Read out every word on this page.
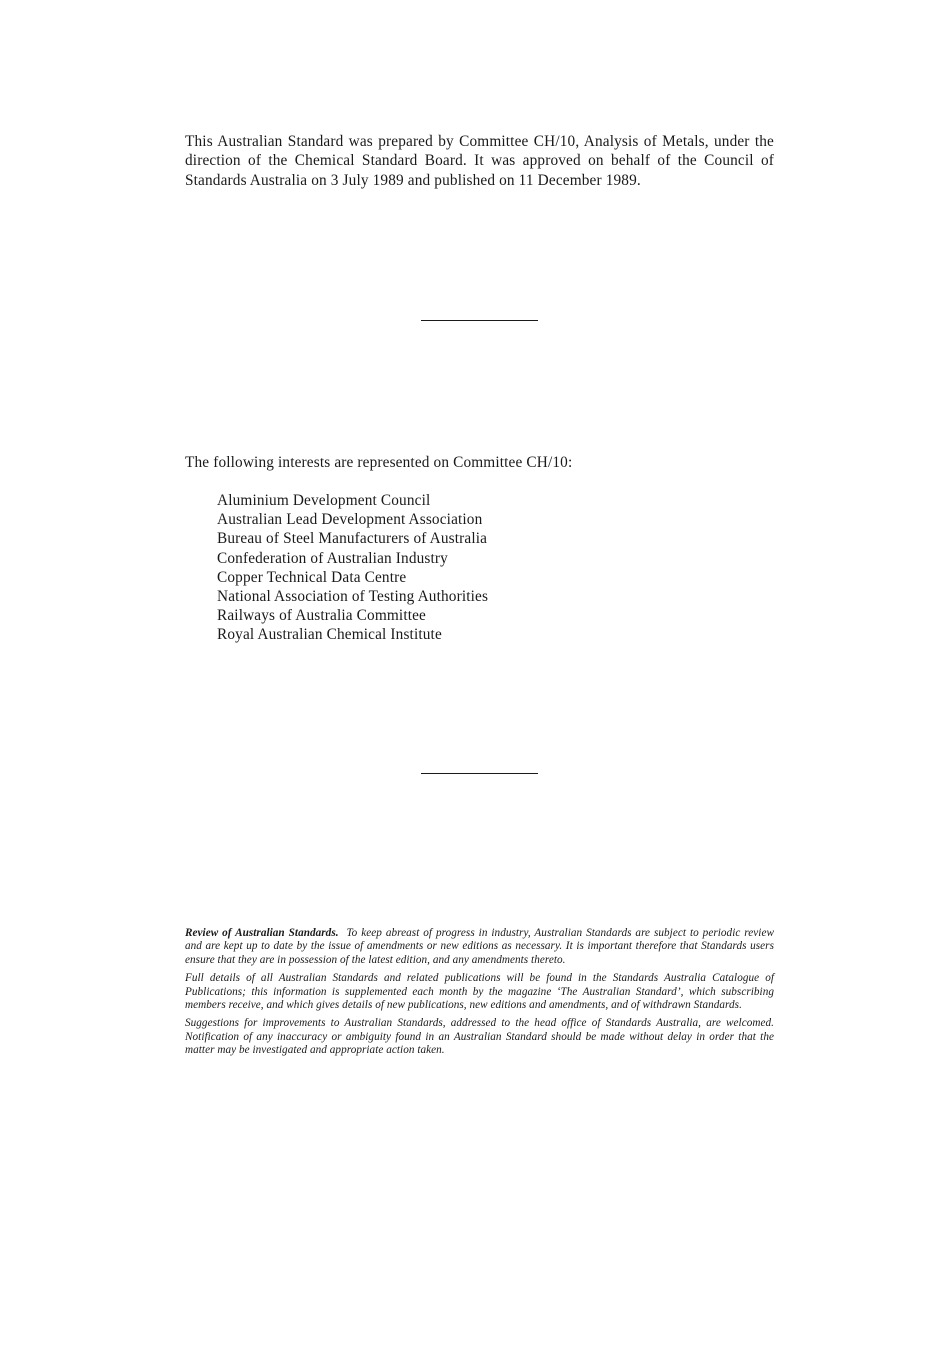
This Australian Standard was prepared by Committee CH/10, Analysis of Metals, under the direction of the Chemical Standard Board. It was approved on behalf of the Council of Standards Australia on 3 July 1989 and published on 11 December 1989.
The following interests are represented on Committee CH/10:
Aluminium Development Council
Australian Lead Development Association
Bureau of Steel Manufacturers of Australia
Confederation of Australian Industry
Copper Technical Data Centre
National Association of Testing Authorities
Railways of Australia Committee
Royal Australian Chemical Institute

Review of Australian Standards. To keep abreast of progress in industry, Australian Standards are subject to periodic review and are kept up to date by the issue of amendments or new editions as necessary. It is important therefore that Standards users ensure that they are in possession of the latest edition, and any amendments thereto.

Full details of all Australian Standards and related publications will be found in the Standards Australia Catalogue of Publications; this information is supplemented each month by the magazine ‘The Australian Standard’, which subscribing members receive, and which gives details of new publications, new editions and amendments, and of withdrawn Standards.

Suggestions for improvements to Australian Standards, addressed to the head office of Standards Australia, are welcomed. Notification of any inaccuracy or ambiguity found in an Australian Standard should be made without delay in order that the matter may be investigated and appropriate action taken.
